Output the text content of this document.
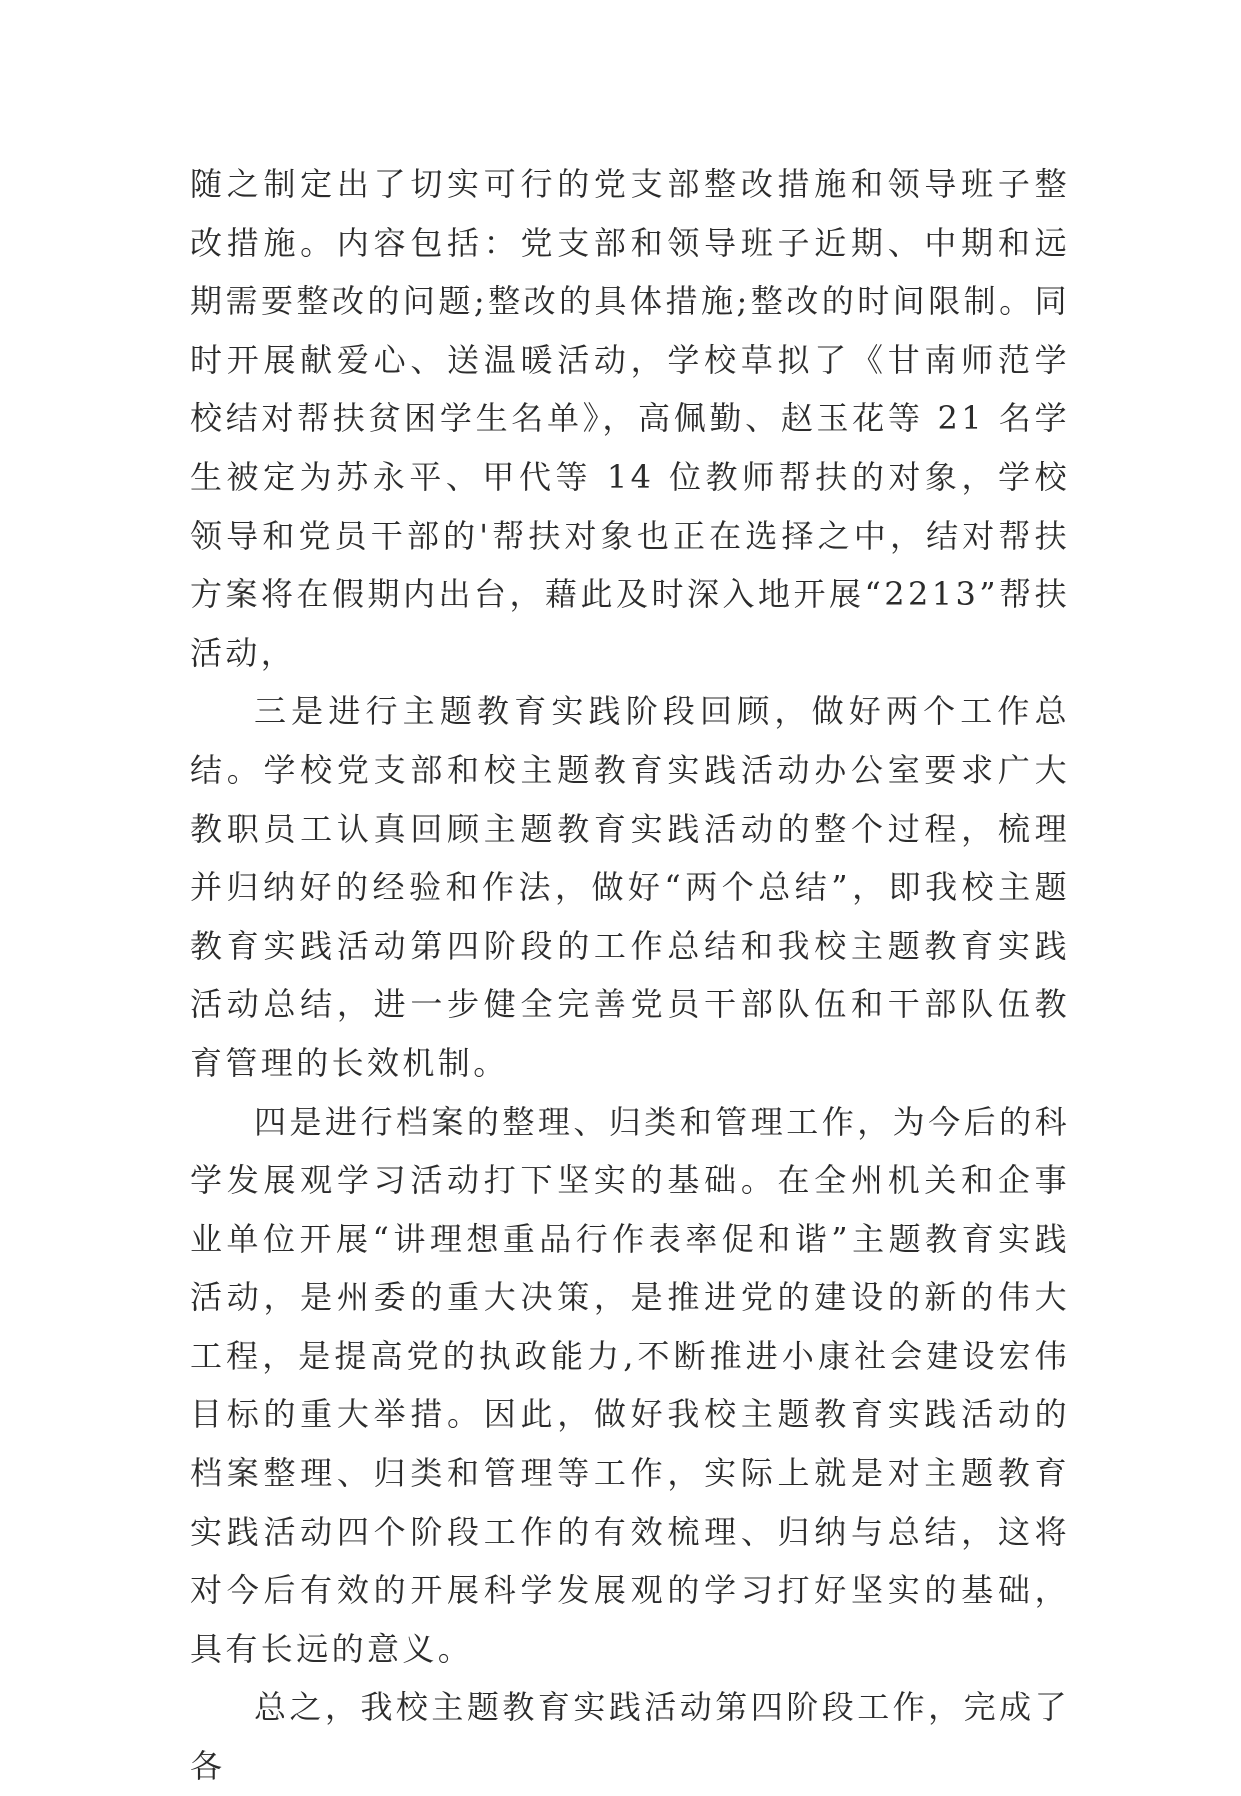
随之制定出了切实可行的党支部整改措施和领导班子整改措施。内容包括：党支部和领导班子近期、中期和远期需要整改的问题;整改的具体措施;整改的时间限制。同时开展献爱心、送温暖活动，学校草拟了《甘南师范学校结对帮扶贫困学生名单》，高佩勤、赵玉花等 21 名学生被定为苏永平、甲代等 14 位教师帮扶的对象，学校领导和党员干部的'帮扶对象也正在选择之中，结对帮扶方案将在假期内出台，藉此及时深入地开展“2213”帮扶活动，

三是进行主题教育实践阶段回顾，做好两个工作总结。学校党支部和校主题教育实践活动办公室要求广大教职员工认真回顾主题教育实践活动的整个过程，梳理并归纳好的经验和作法，做好“两个总结”，即我校主题教育实践活动第四阶段的工作总结和我校主题教育实践活动总结，进一步健全完善党员干部队伍和干部队伍教育管理的长效机制。

四是进行档案的整理、归类和管理工作，为今后的科学发展观学习活动打下坚实的基础。在全州机关和企事业单位开展“讲理想重品行作表率促和谐”主题教育实践活动，是州委的重大决策，是推进党的建设的新的伟大工程，是提高党的执政能力,不断推进小康社会建设宏伟目标的重大举措。因此，做好我校主题教育实践活动的档案整理、归类和管理等工作，实际上就是对主题教育实践活动四个阶段工作的有效梳理、归纳与总结，这将对今后有效的开展科学发展观的学习打好坚实的基础，具有长远的意义。

总之，我校主题教育实践活动第四阶段工作，完成了各
